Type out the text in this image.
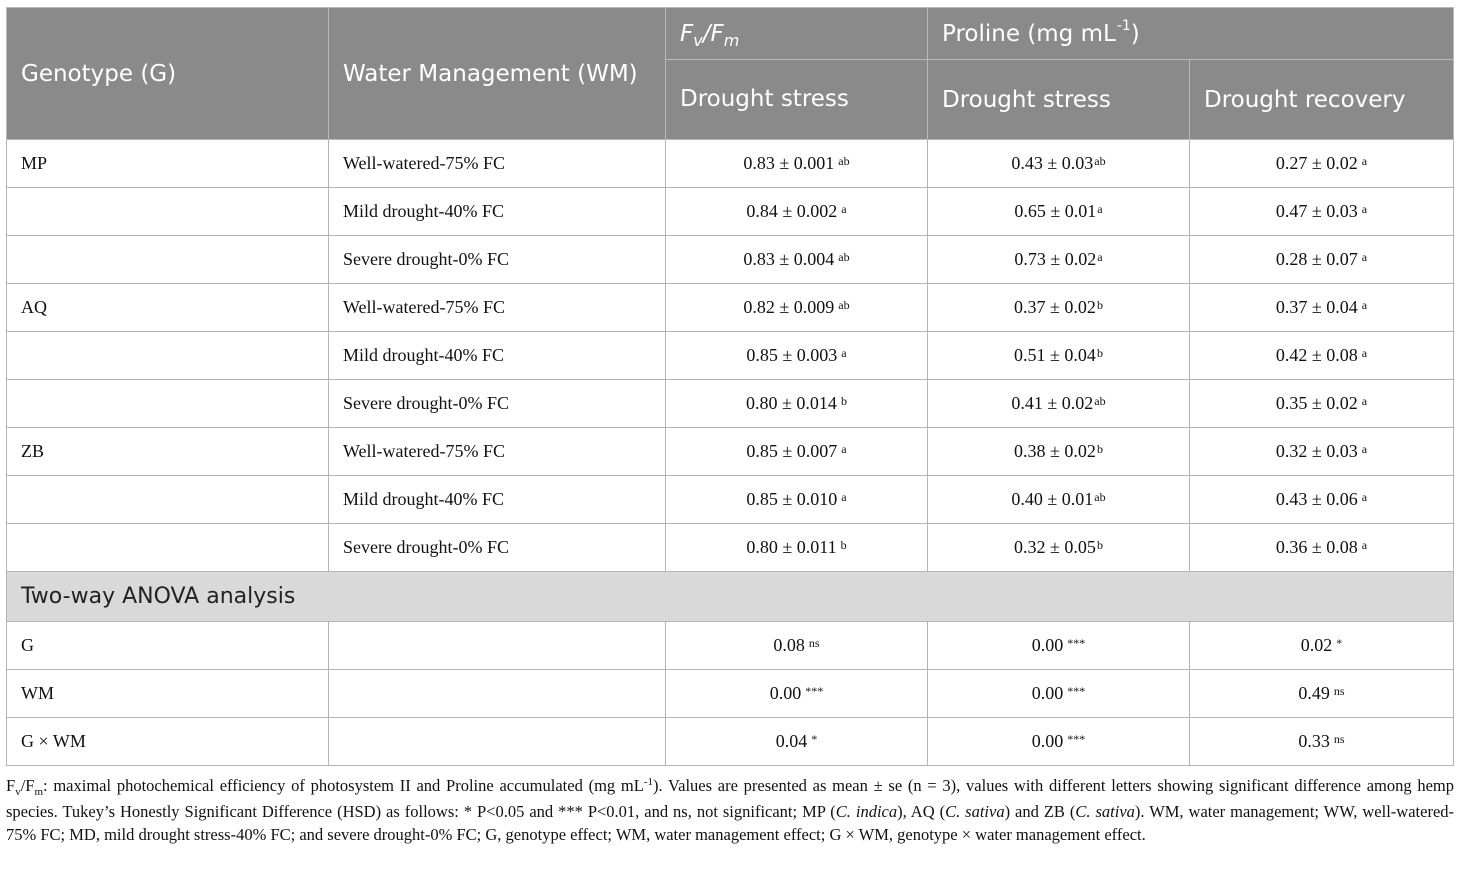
Genotype (G)	Water Management (WM)	$F_v/F_m$	Proline (mg $mL^{-1}$)	
		Drought stress	Drought stress	Drought recovery
MP	Well-watered-75% FC	0.83 ± 0.001 $^{ab}$	0.43 ± 0.03$^{ab}$	0.27 ± 0.02 $^a$
	Mild drought-40% FC	0.84 ± 0.002 $^a$	0.65 ± 0.01$^a$	0.47 ± 0.03 $^a$
	Severe drought-0% FC	0.83 ± 0.004 $^{ab}$	0.73 ± 0.02$^a$	0.28 ± 0.07 $^a$
AQ	Well-watered-75% FC	0.82 ± 0.009 $^{ab}$	0.37 ± 0.02$^b$	0.37 ± 0.04 $^a$
	Mild drought-40% FC	0.85 ± 0.003 $^a$	0.51 ± 0.04$^b$	0.42 ± 0.08 $^a$
	Severe drought-0% FC	0.80 ± 0.014 $^b$	0.41 ± 0.02$^{ab}$	0.35 ± 0.02 $^a$
ZB	Well-watered-75% FC	0.85 ± 0.007 $^a$	0.38 ± 0.02$^b$	0.32 ± 0.03 $^a$
	Mild drought-40% FC	0.85 ± 0.010 $^a$	0.40 ± 0.01$^{ab}$	0.43 ± 0.06 $^a$
	Severe drought-0% FC	0.80 ± 0.011 $^b$	0.32 ± 0.05$^b$	0.36 ± 0.08 $^a$
Two-way ANOVA analysis				
G		0.08 $^{ns}$	0.00 ***	0.02 *
WM		0.00 ***	0.00 ***	0.49 $^{ns}$
G × WM		0.04 *	0.00 ***	0.33 $^{ns}$
$F_v/F_m$: maximal photochemical efficiency of photosystem II and Proline accumulated (mg $mL^{-1}$). Values are presented as mean ± se (n = 3), values with different letters showing significant difference among hemp species. Tukey’s Honestly Significant Difference (HSD) as follows: * P<0.05 and *** P<0.01, and ns, not significant; MP (C. indica), AQ (C. sativa) and ZB (C. sativa). WM, water management; WW, well-watered-75% FC; MD, mild drought stress-40% FC; and severe drought-0% FC; G, genotype effect; WM, water management effect; G × WM, genotype × water management effect.
